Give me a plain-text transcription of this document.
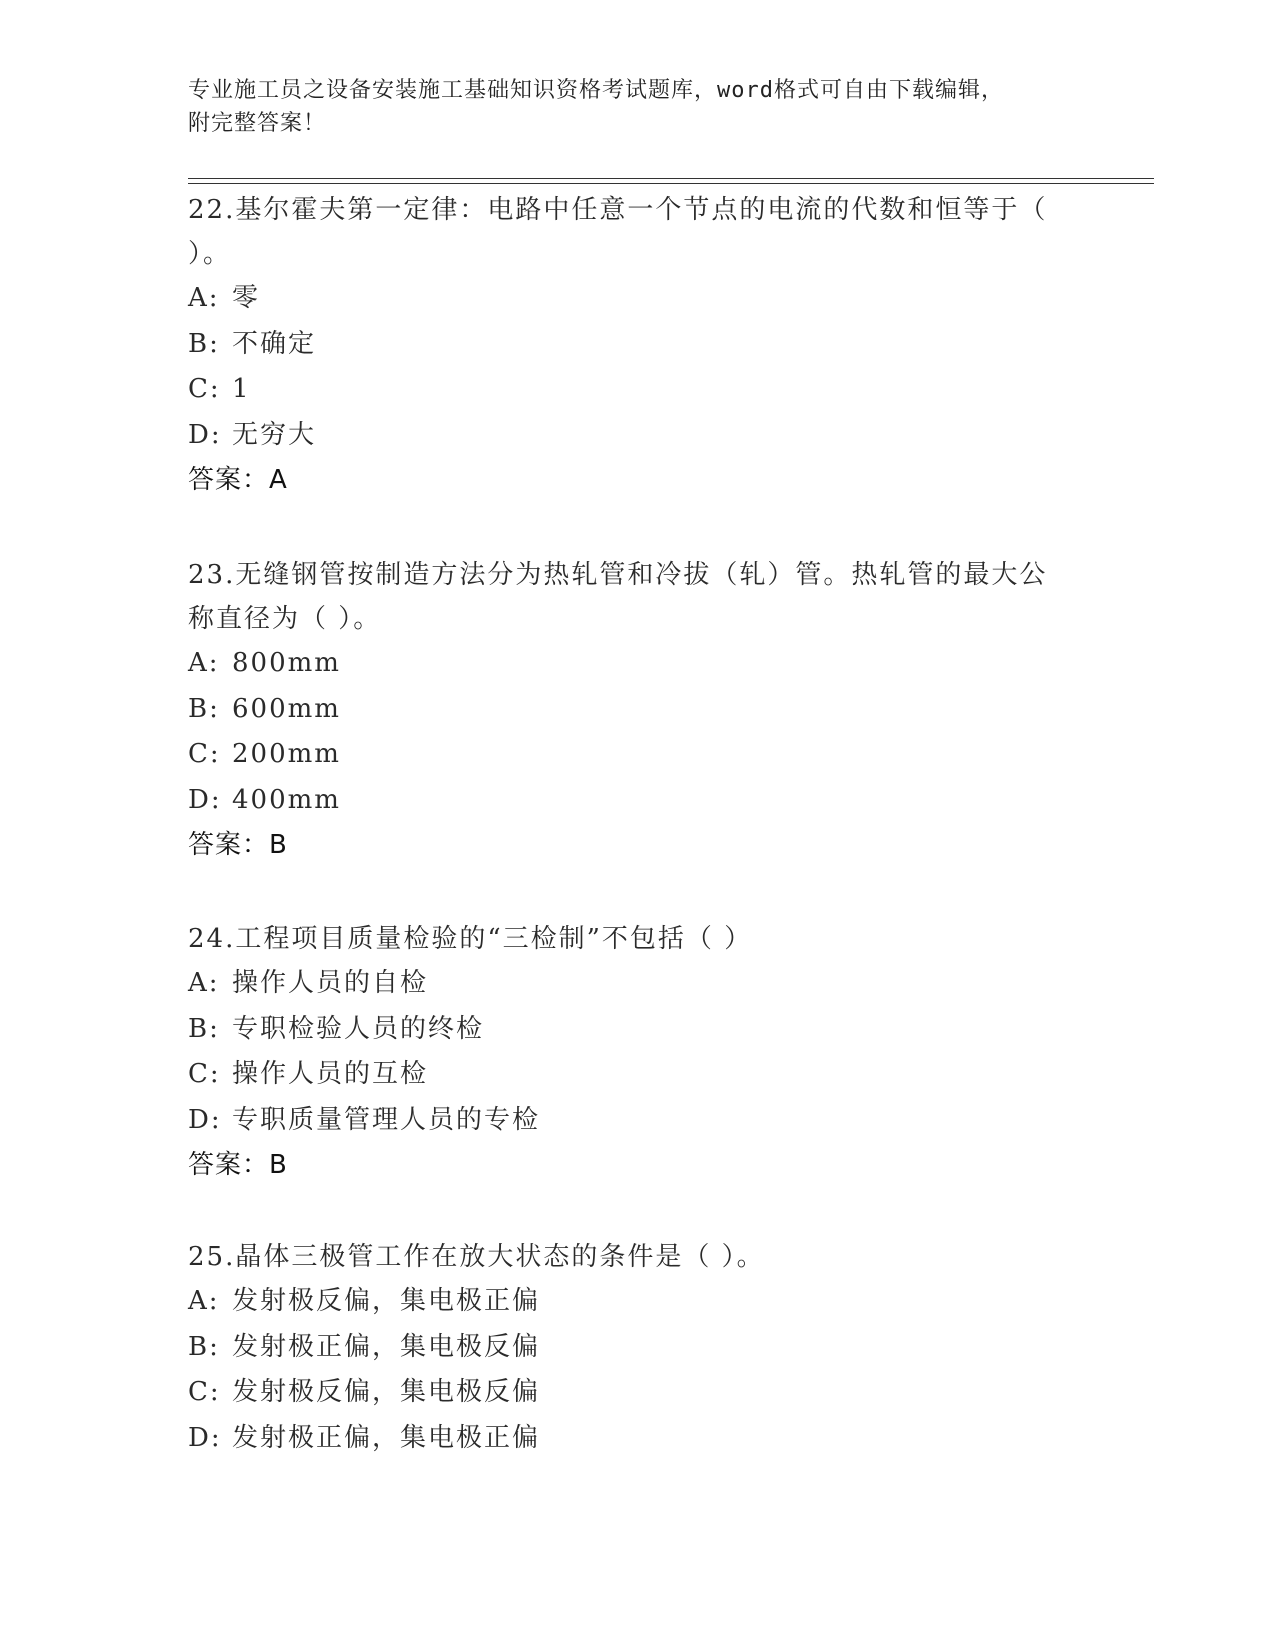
专业施工员之设备安装施工基础知识资格考试题库，word格式可自由下载编辑，
附完整答案！

22.基尔霍夫第一定律：电路中任意一个节点的电流的代数和恒等于（

）。

A: 零

B: 不确定

C: 1

D: 无穷大

答案：A

23.无缝钢管按制造方法分为热轧管和冷拔（轧）管。热轧管的最大公

称直径为（ ）。

A: 800mm

B: 600mm

C: 200mm

D: 400mm

答案：B

24.工程项目质量检验的“三检制”不包括（ ）

A: 操作人员的自检

B: 专职检验人员的终检

C: 操作人员的互检

D: 专职质量管理人员的专检

答案：B

25.晶体三极管工作在放大状态的条件是（ ）。

A: 发射极反偏，集电极正偏

B: 发射极正偏，集电极反偏

C: 发射极反偏，集电极反偏

D: 发射极正偏，集电极正偏
